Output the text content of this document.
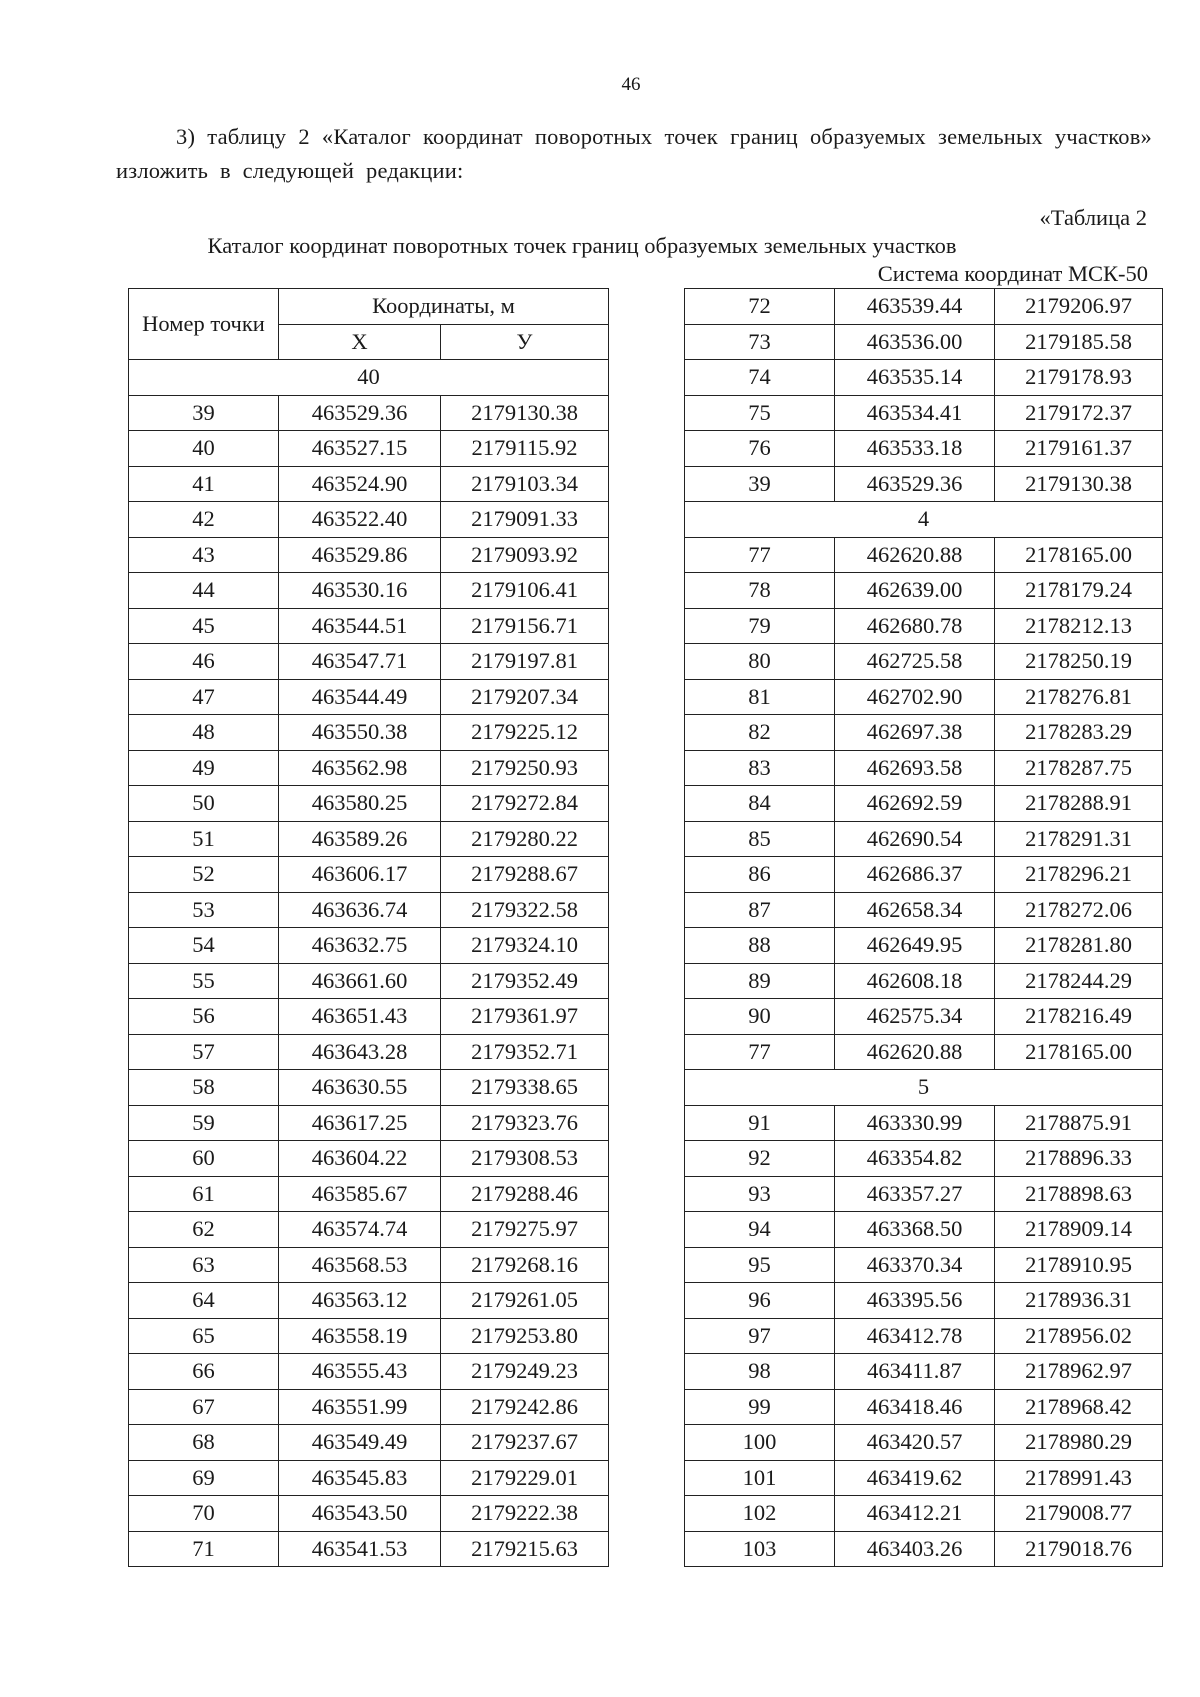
46
3) таблицу 2 «Каталог координат поворотных точек границ образуемых земельных участков» изложить в следующей редакции:
«Таблица 2
Каталог координат поворотных точек границ образуемых земельных участков
Система координат МСК-50
Номер точки	Координаты, м	
	X	У
40		
39	463529.36	2179130.38
40	463527.15	2179115.92
41	463524.90	2179103.34
42	463522.40	2179091.33
43	463529.86	2179093.92
44	463530.16	2179106.41
45	463544.51	2179156.71
46	463547.71	2179197.81
47	463544.49	2179207.34
48	463550.38	2179225.12
49	463562.98	2179250.93
50	463580.25	2179272.84
51	463589.26	2179280.22
52	463606.17	2179288.67
53	463636.74	2179322.58
54	463632.75	2179324.10
55	463661.60	2179352.49
56	463651.43	2179361.97
57	463643.28	2179352.71
58	463630.55	2179338.65
59	463617.25	2179323.76
60	463604.22	2179308.53
61	463585.67	2179288.46
62	463574.74	2179275.97
63	463568.53	2179268.16
64	463563.12	2179261.05
65	463558.19	2179253.80
66	463555.43	2179249.23
67	463551.99	2179242.86
68	463549.49	2179237.67
69	463545.83	2179229.01
70	463543.50	2179222.38
71	463541.53	2179215.63
72	463539.44	2179206.97
73	463536.00	2179185.58
74	463535.14	2179178.93
75	463534.41	2179172.37
76	463533.18	2179161.37
39	463529.36	2179130.38
4		
77	462620.88	2178165.00
78	462639.00	2178179.24
79	462680.78	2178212.13
80	462725.58	2178250.19
81	462702.90	2178276.81
82	462697.38	2178283.29
83	462693.58	2178287.75
84	462692.59	2178288.91
85	462690.54	2178291.31
86	462686.37	2178296.21
87	462658.34	2178272.06
88	462649.95	2178281.80
89	462608.18	2178244.29
90	462575.34	2178216.49
77	462620.88	2178165.00
5		
91	463330.99	2178875.91
92	463354.82	2178896.33
93	463357.27	2178898.63
94	463368.50	2178909.14
95	463370.34	2178910.95
96	463395.56	2178936.31
97	463412.78	2178956.02
98	463411.87	2178962.97
99	463418.46	2178968.42
100	463420.57	2178980.29
101	463419.62	2178991.43
102	463412.21	2179008.77
103	463403.26	2179018.76
